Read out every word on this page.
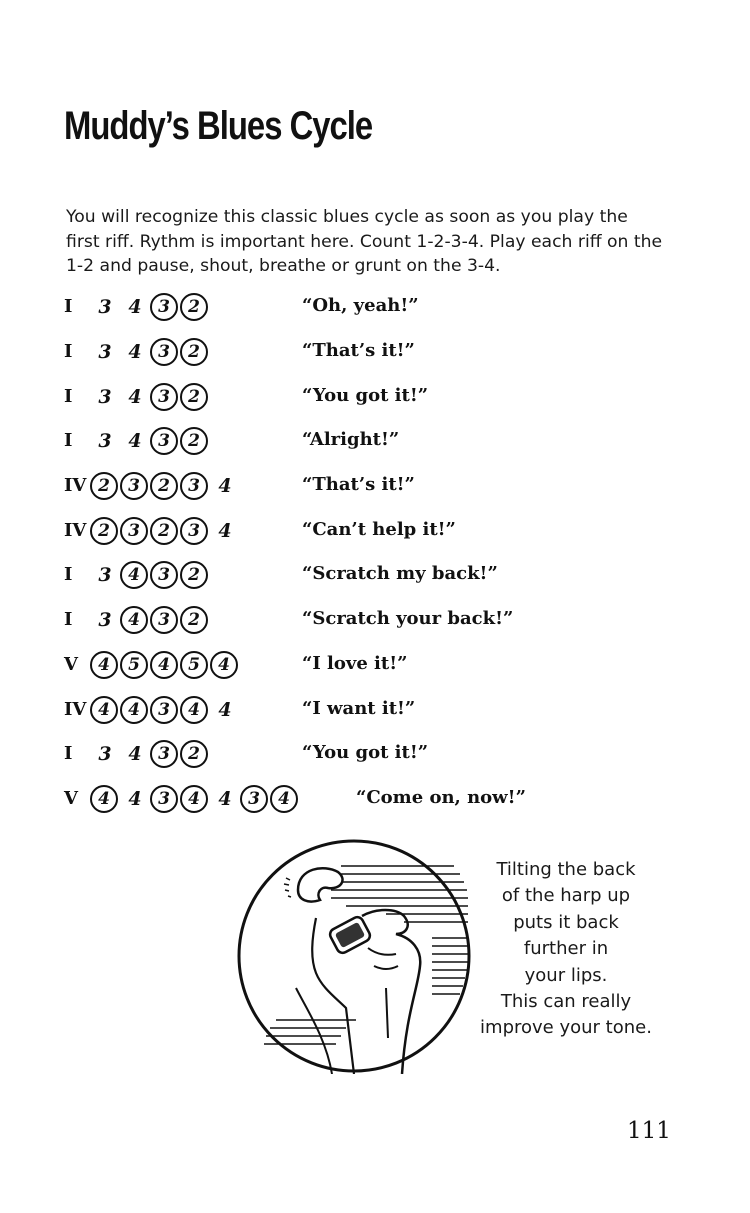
Muddy’s Blues Cycle

You will recognize this classic blues cycle as soon as you play the first riff. Rythm is important here. Count 1-2-3-4. Play each riff on the 1-2 and pause, shout, breathe or grunt on the 3-4.

I	3 4 3	2	“Oh, yeah!”
I	3 4 3	2	“That’s it!”
I	3 4 3	2	“You got it!”
I	3 4 3	2	“Alright!”
IV 2	3	2	3 4	“That’s it!”
IV 2	3	2	3 4	“Can’t help it!”
I	3 4	3	2	“Scratch my back!”
I	3 4	3	2	“Scratch your back!”
V	4	5	4	5	4	“I love it!”
IV 4	4	3	4 4	“I want it!”
I	3 4 3	2	“You got it!”
V	4 4 3	4 4 3	4	“Come on, now!”
Tilting the back
of the harp up
puts it back
further in
your lips.
This can really
improve your tone.
111
